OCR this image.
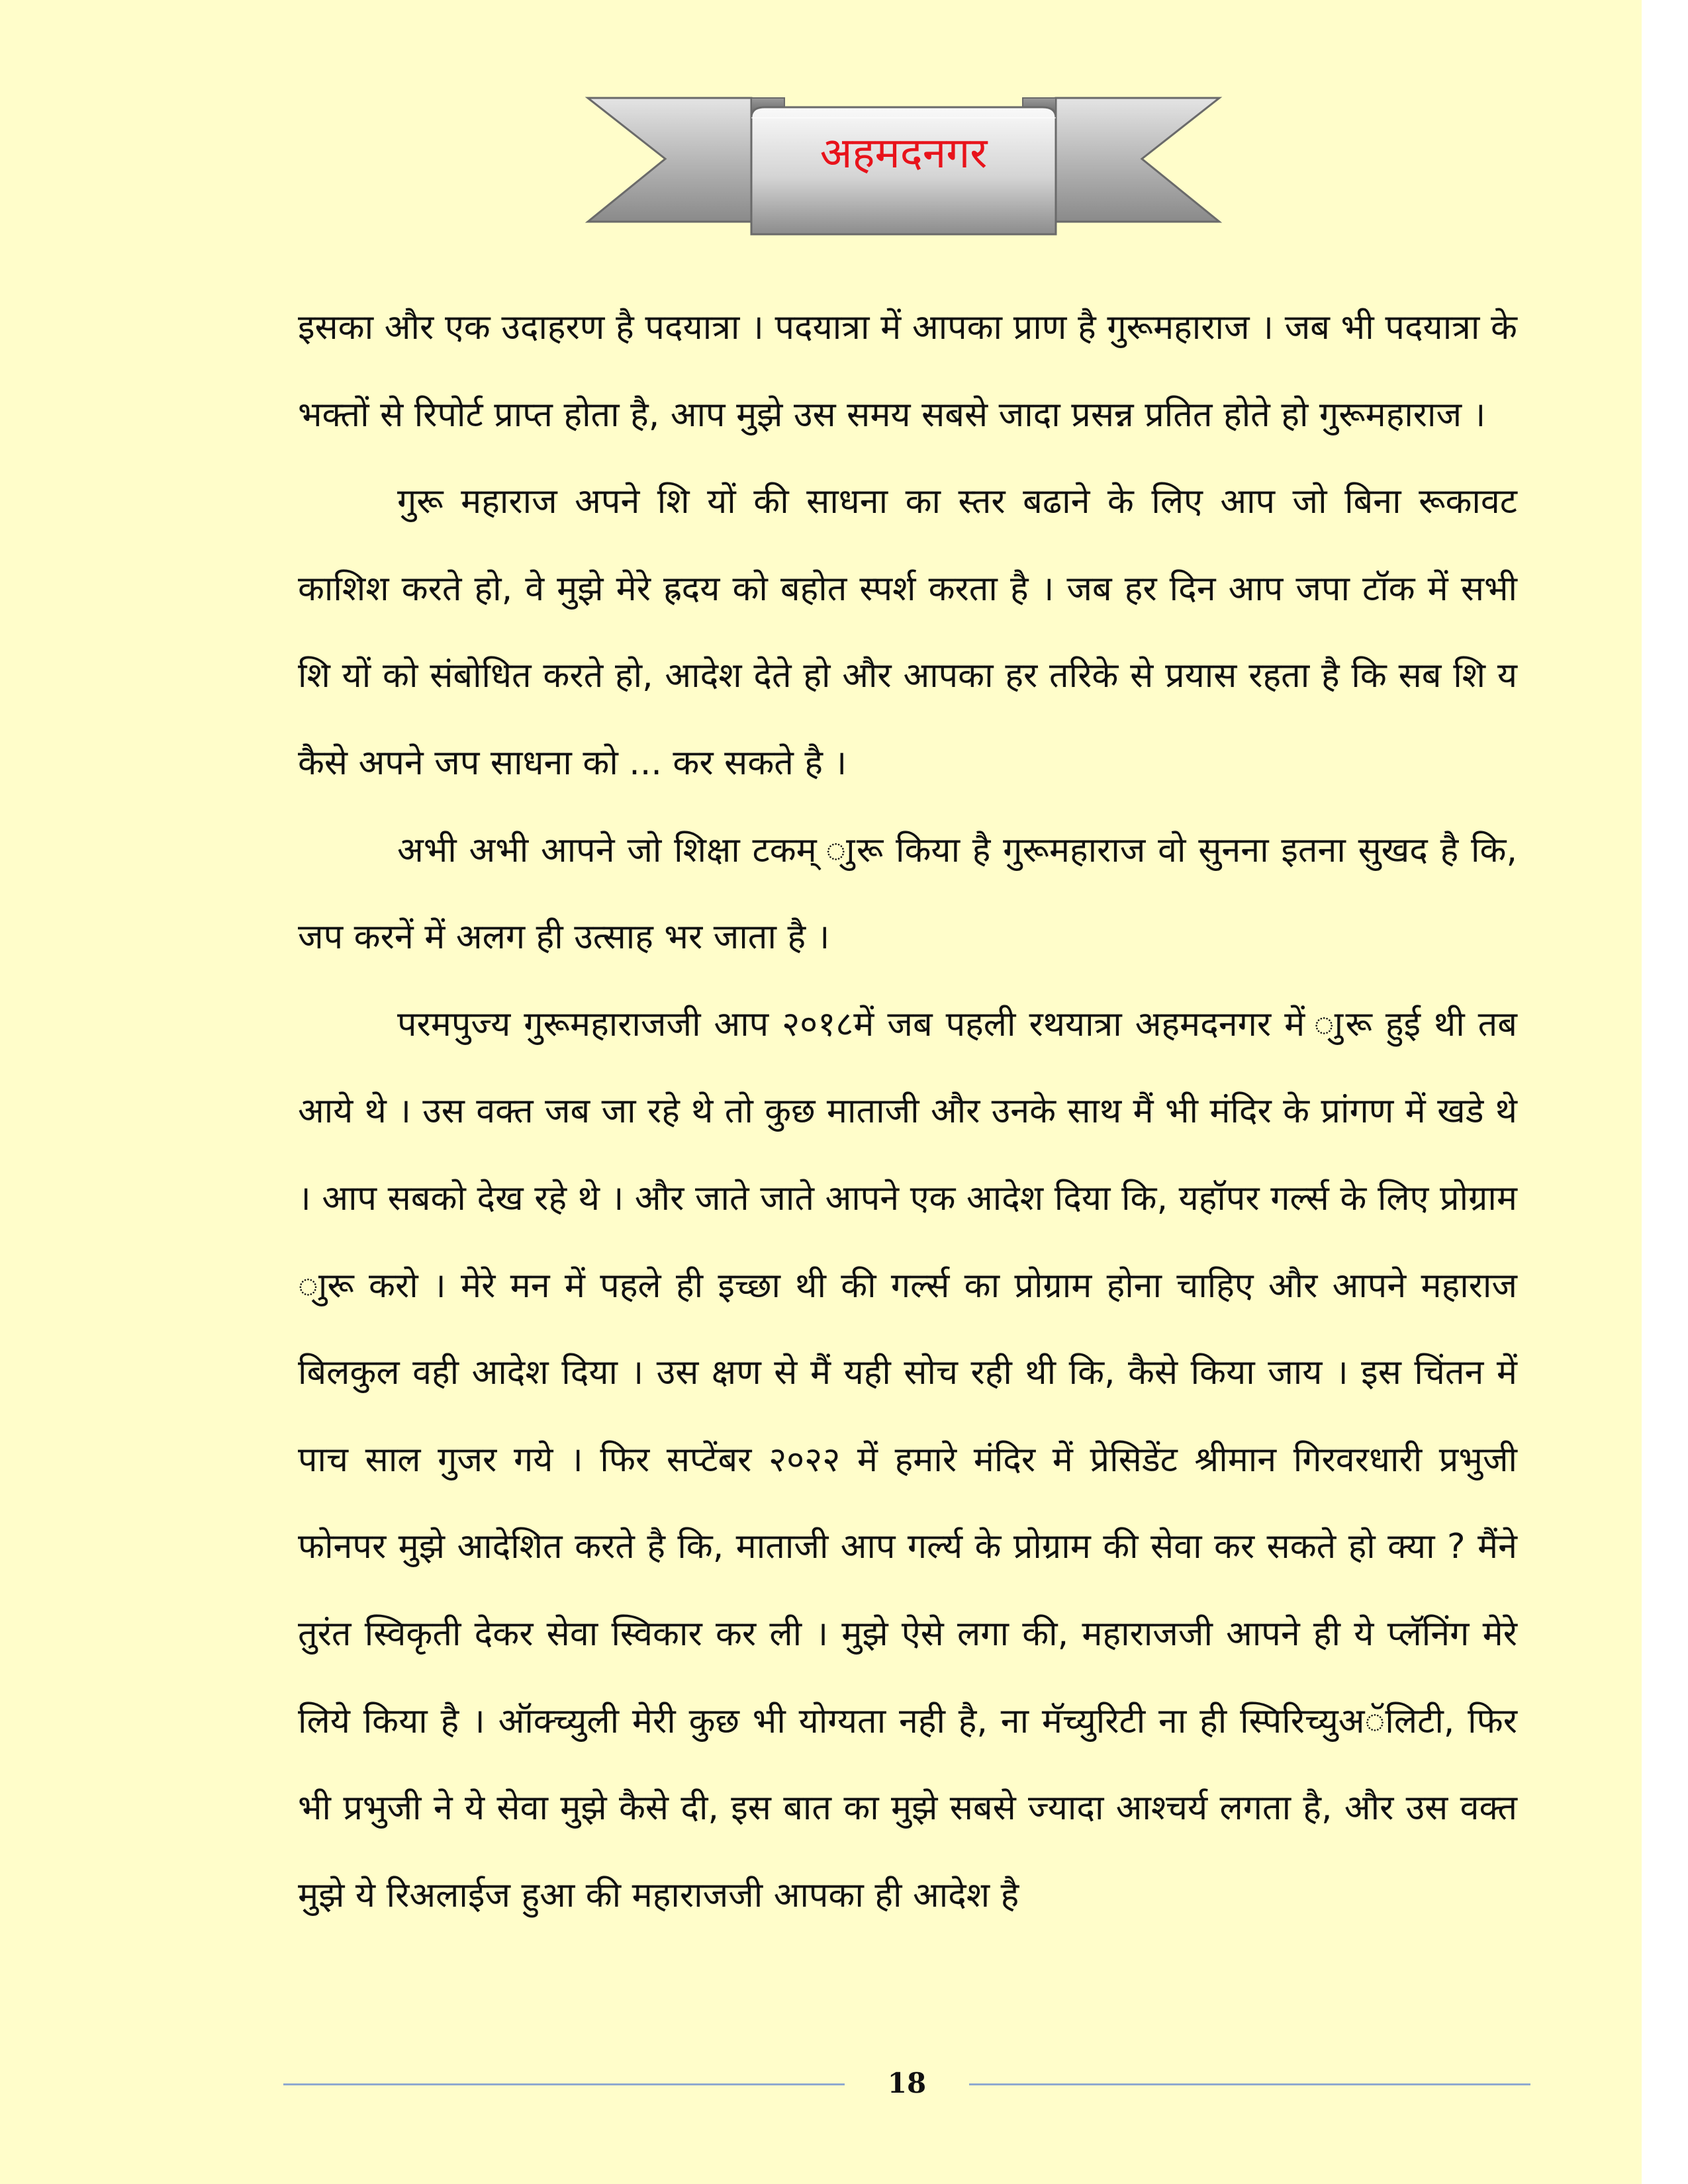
अहमदनगर

इसका और एक उदाहरण है पदयात्रा । पदयात्रा में आपका प्राण है गुरूमहाराज । जब भी पदयात्रा के भक्तों से रिपोर्ट प्राप्त होता है, आप मुझे उस समय सबसे जादा प्रसन्न प्रतित होते हो गुरूमहाराज ।

गुरू महाराज अपने शि यों की साधना का स्तर बढाने के लिए आप जो बिना रूकावट काशिश करते हो, वे मुझे मेरे ह्रदय को बहोत स्पर्श करता है । जब हर दिन आप जपा टॉक में सभी शि यों को संबोधित करते हो, आदेश देते हो और आपका हर तरिके से प्रयास रहता है कि सब शि य कैसे अपने जप साधना को ... कर सकते है ।

अभी अभी आपने जो शिक्षा टकम् ाुरू किया है गुरूमहाराज वो सुनना इतना सुखद है कि, जप करनें में अलग ही उत्साह भर जाता है ।

परमपुज्य गुरूमहाराजजी आप २०१८में जब पहली रथयात्रा अहमदनगर में ाुरू हुई थी तब आये थे । उस वक्त जब जा रहे थे तो कुछ माताजी और उनके साथ मैं भी मंदिर के प्रांगण में खडे थे । आप सबको देख रहे थे । और जाते जाते आपने एक आदेश दिया कि, यहॉपर गर्ल्स के लिए प्रोग्राम ाुरू करो । मेरे मन में पहले ही इच्छा थी की गर्ल्स का प्रोग्राम होना चाहिए और आपने महाराज बिलकुल वही आदेश दिया । उस क्षण से मैं यही सोच रही थी कि, कैसे किया जाय । इस चिंतन में पाच साल गुजर गये । फिर सप्टेंबर २०२२ में हमारे मंदिर में प्रेसिडेंट श्रीमान गिरवरधारी प्रभुजी फोनपर मुझे आदेशित करते है कि, माताजी आप गर्ल्य के प्रोग्राम की सेवा कर सकते हो क्या ? मैंने तुरंत स्विकृती देकर सेवा स्विकार कर ली । मुझे ऐसे लगा की, महाराजजी आपने ही ये प्लॅनिंग मेरे लिये किया है । ऑक्च्युली मेरी कुछ भी योग्यता नही है, ना मॅच्युरिटी ना ही स्पिरिच्युअॅलिटी, फिर भी प्रभुजी ने ये सेवा मुझे कैसे दी, इस बात का मुझे सबसे ज्यादा आश्चर्य लगता है, और उस वक्त मुझे ये रिअलाईज हुआ की महाराजजी आपका ही आदेश है

18
